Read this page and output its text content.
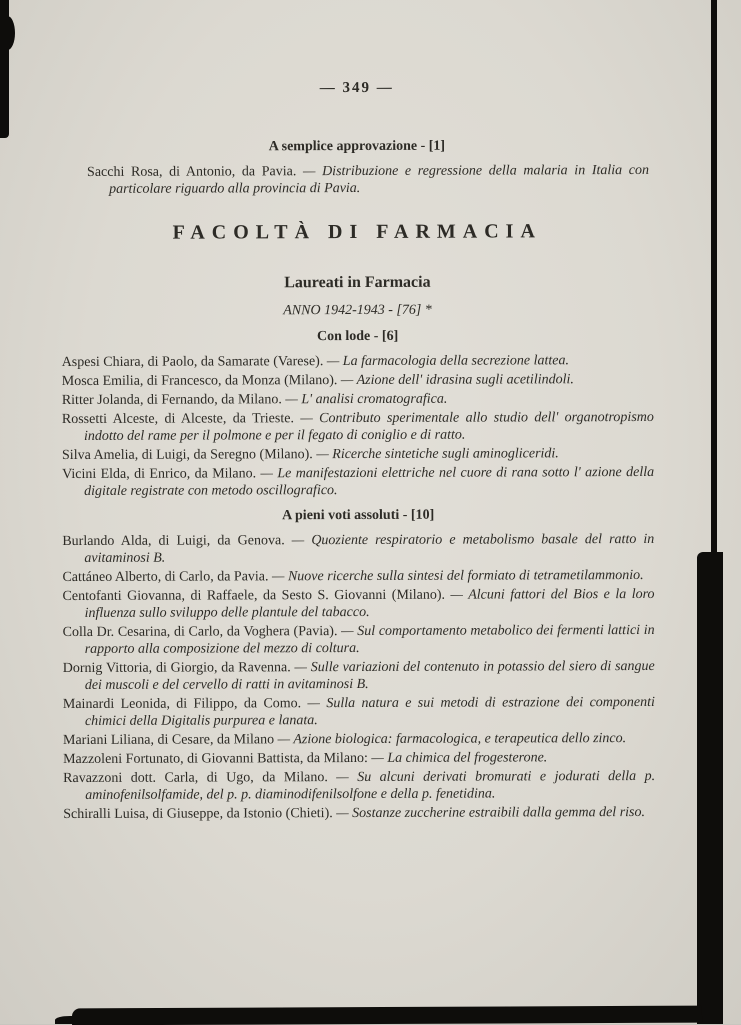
— 349 —
A semplice approvazione - [1]

Sacchi Rosa, di Antonio, da Pavia. — Distribuzione e regressione della malaria in Italia con particolare riguardo alla provincia di Pavia.

FACOLTÀ DI FARMACIA
Laureati in Farmacia
ANNO 1942-1943 - [76] *
Con lode - [6]

Aspesi Chiara, di Paolo, da Samarate (Varese). — La farmacologia della secrezione lattea.

Mosca Emilia, di Francesco, da Monza (Milano). — Azione dell' idrasina sugli acetilindoli.

Ritter Jolanda, di Fernando, da Milano. — L' analisi cromatografica.

Rossetti Alceste, di Alceste, da Trieste. — Contributo sperimentale allo studio dell' organotropismo indotto del rame per il polmone e per il fegato di coniglio e di ratto.

Silva Amelia, di Luigi, da Seregno (Milano). — Ricerche sintetiche sugli aminogliceridi.

Vicini Elda, di Enrico, da Milano. — Le manifestazioni elettriche nel cuore di rana sotto l' azione della digitale registrate con metodo oscillografico.

A pieni voti assoluti - [10]

Burlando Alda, di Luigi, da Genova. — Quoziente respiratorio e metabolismo basale del ratto in avitaminosi B.

Cattáneo Alberto, di Carlo, da Pavia. — Nuove ricerche sulla sintesi del formiato di tetrametilammonio.

Centofanti Giovanna, di Raffaele, da Sesto S. Giovanni (Milano). — Alcuni fattori del Bios e la loro influenza sullo sviluppo delle plantule del tabacco.

Colla Dr. Cesarina, di Carlo, da Voghera (Pavia). — Sul comportamento metabolico dei fermenti lattici in rapporto alla composizione del mezzo di coltura.

Dornig Vittoria, di Giorgio, da Ravenna. — Sulle variazioni del contenuto in potassio del siero di sangue dei muscoli e del cervello di ratti in avitaminosi B.

Mainardi Leonida, di Filippo, da Como. — Sulla natura e sui metodi di estrazione dei componenti chimici della Digitalis purpurea e lanata.

Mariani Liliana, di Cesare, da Milano — Azione biologica: farmacologica, e terapeutica dello zinco.

Mazzoleni Fortunato, di Giovanni Battista, da Milano: — La chimica del frogesterone.

Ravazzoni dott. Carla, di Ugo, da Milano. — Su alcuni derivati bromurati e jodurati della p. aminofenilsolfamide, del p. p. diaminodifenilsolfone e della p. fenetidina.

Schiralli Luisa, di Giuseppe, da Istonio (Chieti). — Sostanze zuccherine estraibili dalla gemma del riso.
